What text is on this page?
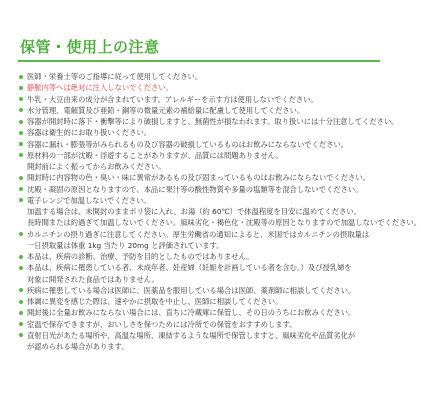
保管・使用上の注意
医師・栄養士等のご指導に従って使用してください。
静脈内等へは絶対に注入しないでください。
牛乳・大豆由来の成分が含まれています。アレルギーを示す方は使用しないでください。
水分管理、電解質及び亜鉛・銅等の微量元素の補給量に配慮して使用してください。
容器が開封時に落下・衝撃等により破損しますと、無菌性が損なわれます。取り扱いには十分注意してください。
容器は衛生的にお取り扱いください。
容器に漏れ・膨張等がみられるもの及び容器の破損しているものはお飲みにならないでください。
原材料の一部が沈殿・浮遊することがありますが、品質には問題ありません。
開封前によく振ってからお飲みください。
開封時に内容物の色・臭い・味に異常があるもの及び固まっているものはお飲みにならないでください。
沈殿・凝固の原因となりますので、本品に果汁等の酸性物質や多量の塩類等を混合しないでください。
電子レンジで加温しないでください。
加温する場合は、未開封のままポリ袋に入れ、お湯（約 60℃）で体温程度を目安に温めてください。
長時間または約過ぎて加温しないでください。風味劣化・褐色化・沈殿等の原因となりますので加温しないでください。
カルニチンの摂り過ぎに注意してください。厚生労働省の通知によると、米国ではカルニチンの摂取量は
一日摂取量は体重 1kg 当たり 20mg と評価されています。
本品は、疾病の診断、治療、予防を目的としたものではありません。
本品は、疾病に罹患している者、未成年者、妊産婦（妊娠を計画している者を含む。）及び授乳婦を
対象に開発された食品ではありません。
疾病に罹患している場合は医師に、医薬品を服用している場合は医師、薬剤師に相談してください。
体調に異変を感じた際は、速やかに摂取を中止し、医師に相談してください。
開封後に全量お飲みにならない場合には、直ちに冷蔵庫に保管し、その日のうちにお飲みください。
室温で保存できますが、おいしさを保つためには冷所での保管をおすすめします。
直射日光があたる場所や、高温な場所、凍結するような場所で保管しますと、風味劣化や品質劣化が
が認められる場合があります。
